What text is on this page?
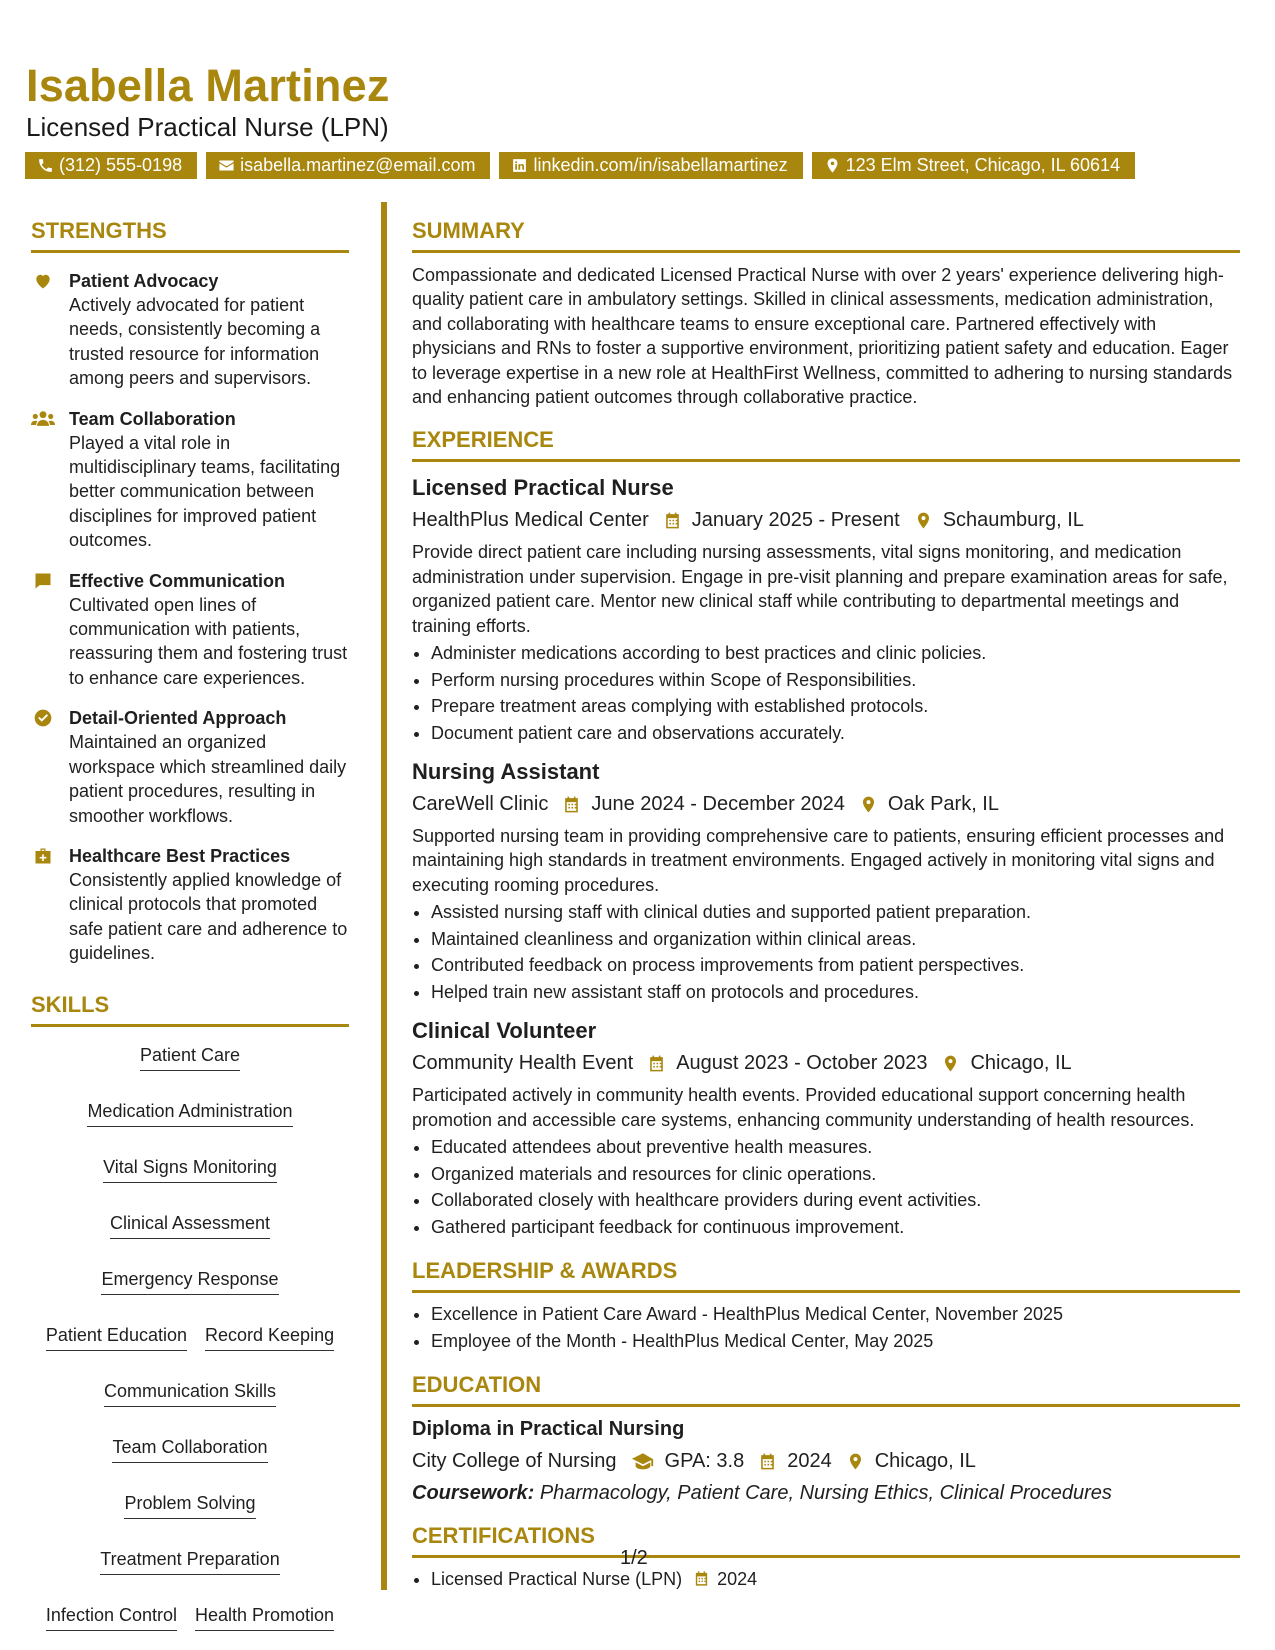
Isabella Martinez
Licensed Practical Nurse (LPN)
(312) 555-0198	isabella.martinez@email.com	linkedin.com/in/isabellamartinez	123 Elm Street, Chicago, IL 60614
STRENGTHS
Patient Advocacy
Actively advocated for patient needs, consistently becoming a trusted resource for information among peers and supervisors.
Team Collaboration
Played a vital role in multidisciplinary teams, facilitating better communication between disciplines for improved patient outcomes.
Effective Communication
Cultivated open lines of communication with patients, reassuring them and fostering trust to enhance care experiences.
Detail-Oriented Approach
Maintained an organized workspace which streamlined daily patient procedures, resulting in smoother workflows.
Healthcare Best Practices
Consistently applied knowledge of clinical protocols that promoted safe patient care and adherence to guidelines.
SKILLS
Patient Care
Medication Administration
Vital Signs Monitoring
Clinical Assessment
Emergency Response
Patient Education Record Keeping
Communication Skills
Team Collaboration
Problem Solving
Treatment Preparation
Infection Control Health Promotion
SUMMARY
Compassionate and dedicated Licensed Practical Nurse with over 2 years' experience delivering high-quality patient care in ambulatory settings. Skilled in clinical assessments, medication administration, and collaborating with healthcare teams to ensure exceptional care. Partnered effectively with physicians and RNs to foster a supportive environment, prioritizing patient safety and education. Eager to leverage expertise in a new role at HealthFirst Wellness, committed to adhering to nursing standards and enhancing patient outcomes through collaborative practice.
EXPERIENCE
Licensed Practical Nurse
HealthPlus Medical Center January 2025 - Present Schaumburg, IL
Provide direct patient care including nursing assessments, vital signs monitoring, and medication administration under supervision. Engage in pre-visit planning and prepare examination areas for safe, organized patient care. Mentor new clinical staff while contributing to departmental meetings and training efforts.
• Administer medications according to best practices and clinic policies.
• Perform nursing procedures within Scope of Responsibilities.
• Prepare treatment areas complying with established protocols.
• Document patient care and observations accurately.
Nursing Assistant
CareWell Clinic June 2024 - December 2024 Oak Park, IL
Supported nursing team in providing comprehensive care to patients, ensuring efficient processes and maintaining high standards in treatment environments. Engaged actively in monitoring vital signs and executing rooming procedures.
• Assisted nursing staff with clinical duties and supported patient preparation.
• Maintained cleanliness and organization within clinical areas.
• Contributed feedback on process improvements from patient perspectives.
• Helped train new assistant staff on protocols and procedures.
Clinical Volunteer
Community Health Event August 2023 - October 2023 Chicago, IL
Participated actively in community health events. Provided educational support concerning health promotion and accessible care systems, enhancing community understanding of health resources.
• Educated attendees about preventive health measures.
• Organized materials and resources for clinic operations.
• Collaborated closely with healthcare providers during event activities.
• Gathered participant feedback for continuous improvement.
LEADERSHIP & AWARDS
• Excellence in Patient Care Award - HealthPlus Medical Center, November 2025
• Employee of the Month - HealthPlus Medical Center, May 2025
EDUCATION
Diploma in Practical Nursing
City College of Nursing GPA: 3.8 2024 Chicago, IL
Coursework: Pharmacology, Patient Care, Nursing Ethics, Clinical Procedures
CERTIFICATIONS
• Licensed Practical Nurse (LPN) 2024
1/2
